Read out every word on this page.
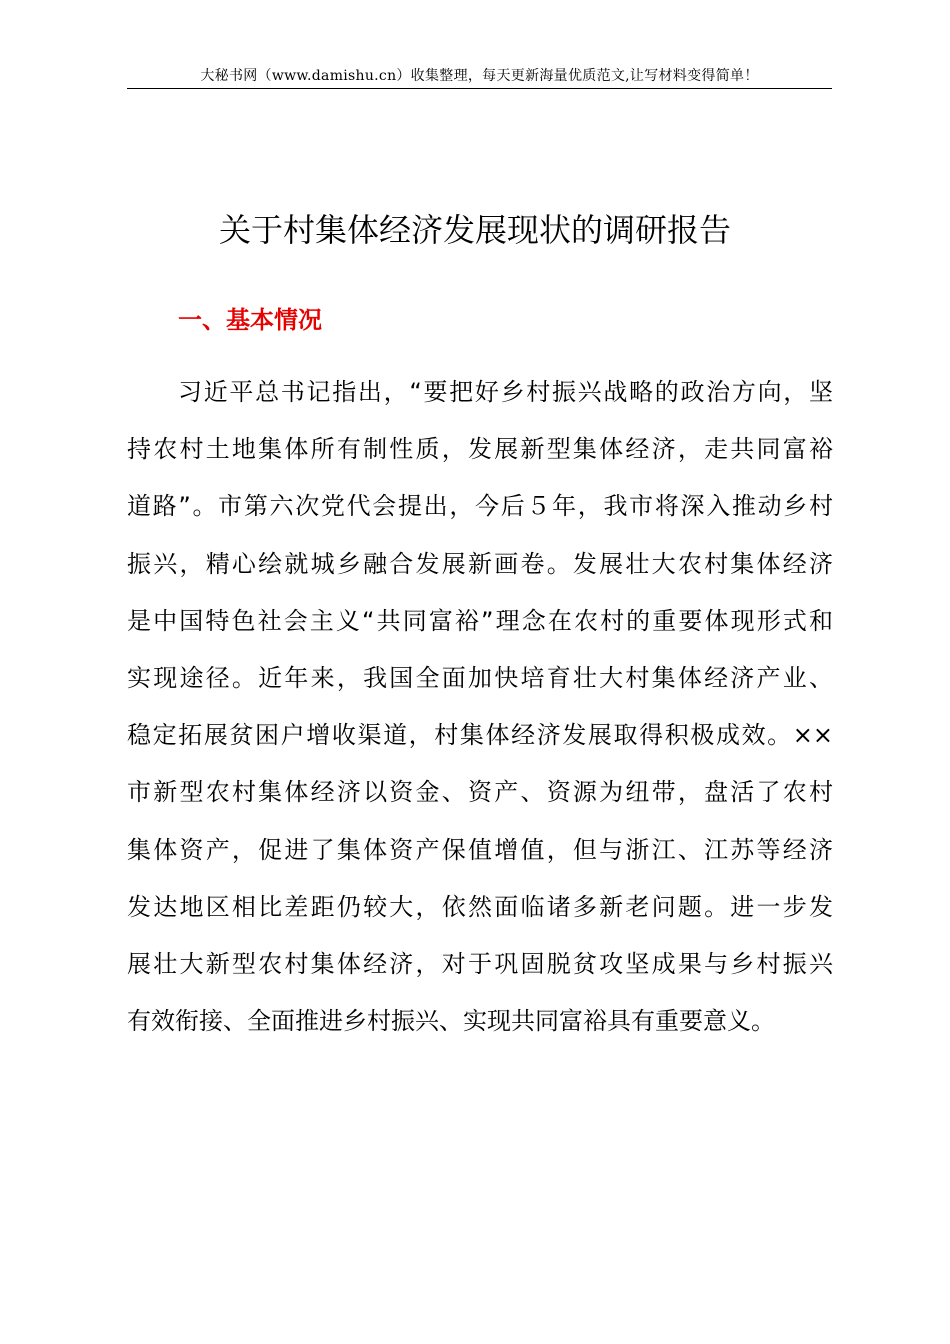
大秘书网（www.damishu.cn）收集整理，每天更新海量优质范文,让写材料变得简单！
关于村集体经济发展现状的调研报告
一、基本情况
习近平总书记指出，“要把好乡村振兴战略的政治方向，坚
持农村土地集体所有制性质，发展新型集体经济，走共同富裕
道路”。市第六次党代会提出，今后５年，我市将深入推动乡村
振兴，精心绘就城乡融合发展新画卷。发展壮大农村集体经济
是中国特色社会主义“共同富裕”理念在农村的重要体现形式和
实现途径。近年来，我国全面加快培育壮大村集体经济产业、
稳定拓展贫困户增收渠道，村集体经济发展取得积极成效。××
市新型农村集体经济以资金、资产、资源为纽带，盘活了农村
集体资产，促进了集体资产保值增值，但与浙江、江苏等经济
发达地区相比差距仍较大，依然面临诸多新老问题。进一步发
展壮大新型农村集体经济，对于巩固脱贫攻坚成果与乡村振兴
有效衔接、全面推进乡村振兴、实现共同富裕具有重要意义。
